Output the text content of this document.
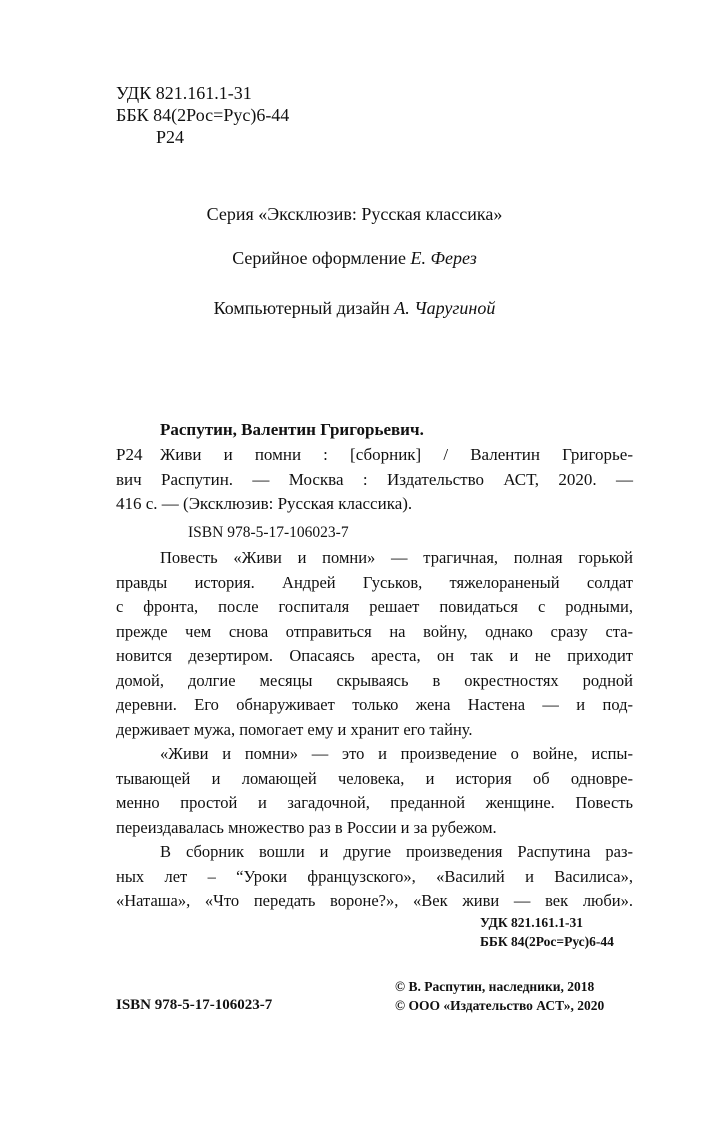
УДК 821.161.1-31
ББК 84(2Рос=Рус)6-44
Р24
Серия «Эксклюзив: Русская классика»
Серийное оформление Е. Ферез
Компьютерный дизайн А. Чаругиной
Распутин, Валентин Григорьевич.
Р24 Живи и помни : [сборник] / Валентин Григорье-
вич Распутин. — Москва : Издательство АСТ, 2020. —
416 с. — (Эксклюзив: Русская классика).
ISBN 978-5-17-106023-7
Повесть «Живи и помни» — трагичная, полная горькой
правды история. Андрей Гуськов, тяжелораненый солдат
с фронта, после госпиталя решает повидаться с родными,
прежде чем снова отправиться на войну, однако сразу ста-
новится дезертиром. Опасаясь ареста, он так и не приходит
домой, долгие месяцы скрываясь в окрестностях родной
деревни. Его обнаруживает только жена Настена — и под-
держивает мужа, помогает ему и хранит его тайну.
«Живи и помни» — это и произведение о войне, испы-
тывающей и ломающей человека, и история об одновре-
менно простой и загадочной, преданной женщине. Повесть
переиздавалась множество раз в России и за рубежом.
В сборник вошли и другие произведения Распутина раз-
ных лет – “Уроки французского», «Василий и Василиса»,
«Наташа», «Что передать вороне?», «Век живи — век люби».
УДК 821.161.1-31
ББК 84(2Рос=Рус)6-44
© В. Распутин, наследники, 2018
© ООО «Издательство АСТ», 2020
ISBN 978-5-17-106023-7
